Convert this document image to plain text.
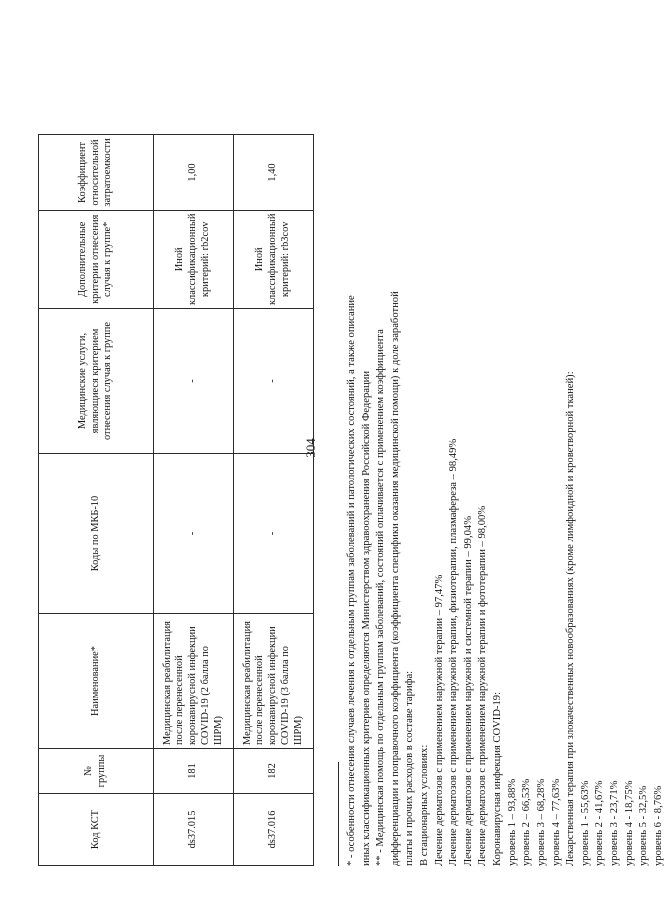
304
Код КСТ	№ группы	Наименование*	Коды по МКБ-10	Медицинские услуги, являющиеся критерием отнесения случая к группе	Дополнительные критерии отнесения случая к группе*	Коэффициент относительной затратоемкости
ds37.015	181	Медицинская реабилитация после перенесенной коронавирусной инфекции COVID-19 (2 балла по ШРМ)	-	-	Иной классификационный критерий: rb2cov	1,00
ds37.016	182	Медицинская реабилитация после перенесенной коронавирусной инфекции COVID-19 (3 балла по ШРМ)	-	-	Иной классификационный критерий: rb3cov	1,40

* - особенности отнесения случаев лечения к отдельным группам заболеваний и патологических состояний, а также описание иных классификационных критериев определяются Министерством здравоохранения Российской Федерации ** - Медицинская помощь по отдельным группам заболеваний, состояний оплачивается с применением коэффициента дифференциации и поправочного коэффициента (коэффициента специфики оказания медицинской помощи) к доле заработной платы и прочих расходов в составе тарифа: В стационарных условиях: Лечение дерматозов с применением наружной терапии – 97,47% Лечение дерматозов с применением наружной терапии, физиотерапии, плазмафереза – 98,49% Лечение дерматозов с применением наружной и системной терапии – 99,04% Лечение дерматозов с применением наружной терапии и фототерапии – 98,00% Коронавирусная инфекция COVID-19: уровень 1 – 93,88% уровень 2 – 66,53% уровень 3 – 68,28% уровень 4 – 77,63% Лекарственная терапия при злокачественных новообразованиях (кроме лимфоидной и кроветворной тканей): уровень 1 - 55,63% уровень 2 - 41,67% уровень 3 - 23,71% уровень 4 - 18,75% уровень 5 - 32,5% уровень 6 - 8,76%
